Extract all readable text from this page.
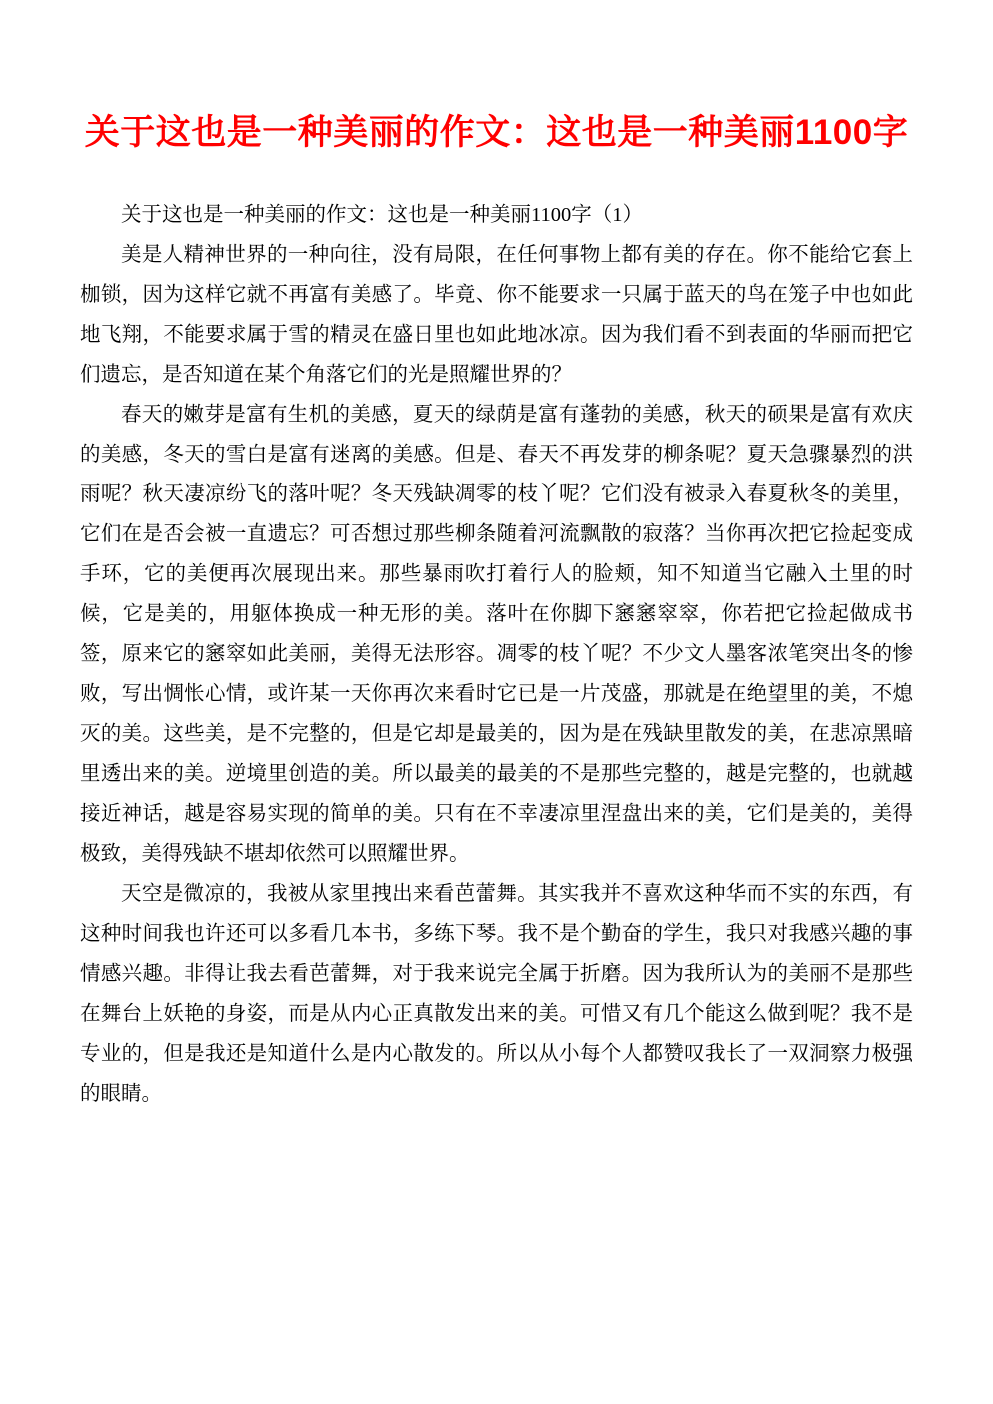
关于这也是一种美丽的作文：这也是一种美丽1100字

关于这也是一种美丽的作文：这也是一种美丽1100字（1）

美是人精神世界的一种向往，没有局限，在任何事物上都有美的存在。你不能给它套上枷锁，因为这样它就不再富有美感了。毕竟、你不能要求一只属于蓝天的鸟在笼子中也如此地飞翔，不能要求属于雪的精灵在盛日里也如此地冰凉。因为我们看不到表面的华丽而把它们遗忘，是否知道在某个角落它们的光是照耀世界的？

春天的嫩芽是富有生机的美感，夏天的绿荫是富有蓬勃的美感，秋天的硕果是富有欢庆的美感，冬天的雪白是富有迷离的美感。但是、春天不再发芽的柳条呢？夏天急骤暴烈的洪雨呢？秋天凄凉纷飞的落叶呢？冬天残缺凋零的枝丫呢？它们没有被录入春夏秋冬的美里，它们在是否会被一直遗忘？可否想过那些柳条随着河流飘散的寂落？当你再次把它捡起变成手环，它的美便再次展现出来。那些暴雨吹打着行人的脸颊，知不知道当它融入土里的时候，它是美的，用躯体换成一种无形的美。落叶在你脚下窸窸窣窣，你若把它捡起做成书签，原来它的窸窣如此美丽，美得无法形容。凋零的枝丫呢？不少文人墨客浓笔突出冬的惨败，写出惆怅心情，或许某一天你再次来看时它已是一片茂盛，那就是在绝望里的美，不熄灭的美。这些美，是不完整的，但是它却是最美的，因为是在残缺里散发的美，在悲凉黑暗里透出来的美。逆境里创造的美。所以最美的最美的不是那些完整的，越是完整的，也就越接近神话，越是容易实现的简单的美。只有在不幸凄凉里涅盘出来的美，它们是美的，美得极致，美得残缺不堪却依然可以照耀世界。

天空是微凉的，我被从家里拽出来看芭蕾舞。其实我并不喜欢这种华而不实的东西，有这种时间我也许还可以多看几本书，多练下琴。我不是个勤奋的学生，我只对我感兴趣的事情感兴趣。非得让我去看芭蕾舞，对于我来说完全属于折磨。因为我所认为的美丽不是那些在舞台上妖艳的身姿，而是从内心正真散发出来的美。可惜又有几个能这么做到呢？我不是专业的，但是我还是知道什么是内心散发的。所以从小每个人都赞叹我长了一双洞察力极强的眼睛。
